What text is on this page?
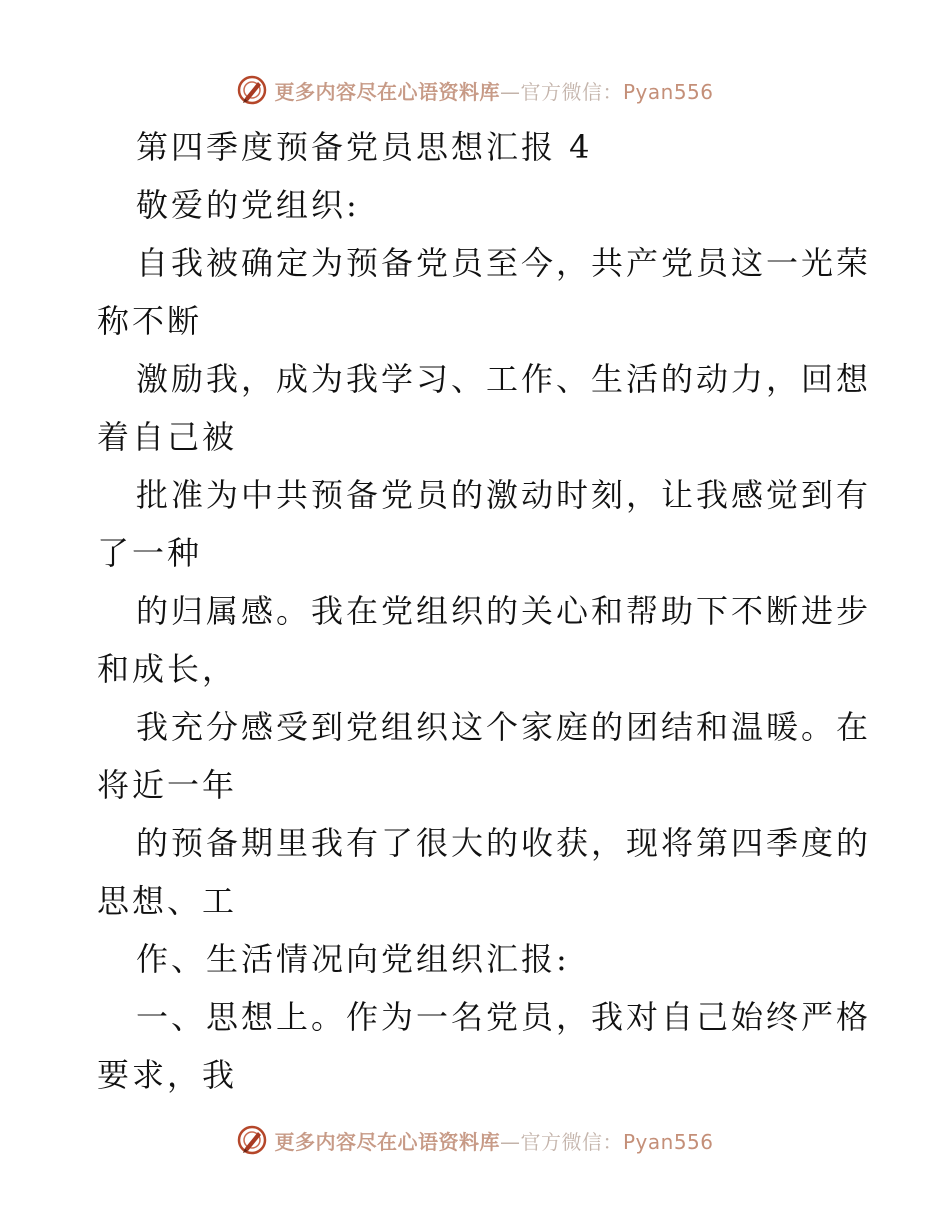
更多内容尽在心语资料库—官方微信：Pyan556
第四季度预备党员思想汇报 4
敬爱的党组织:
自我被确定为预备党员至今，共产党员这一光荣
称不断
激励我，成为我学习、工作、生活的动力，回想
着自己被
批准为中共预备党员的激动时刻，让我感觉到有
了一种
的归属感。我在党组织的关心和帮助下不断进步
和成长，
我充分感受到党组织这个家庭的团结和温暖。在
将近一年
的预备期里我有了很大的收获，现将第四季度的
思想、工
作、生活情况向党组织汇报:
一、思想上。作为一名党员，我对自己始终严格
要求，我
更多内容尽在心语资料库—官方微信：Pyan556
